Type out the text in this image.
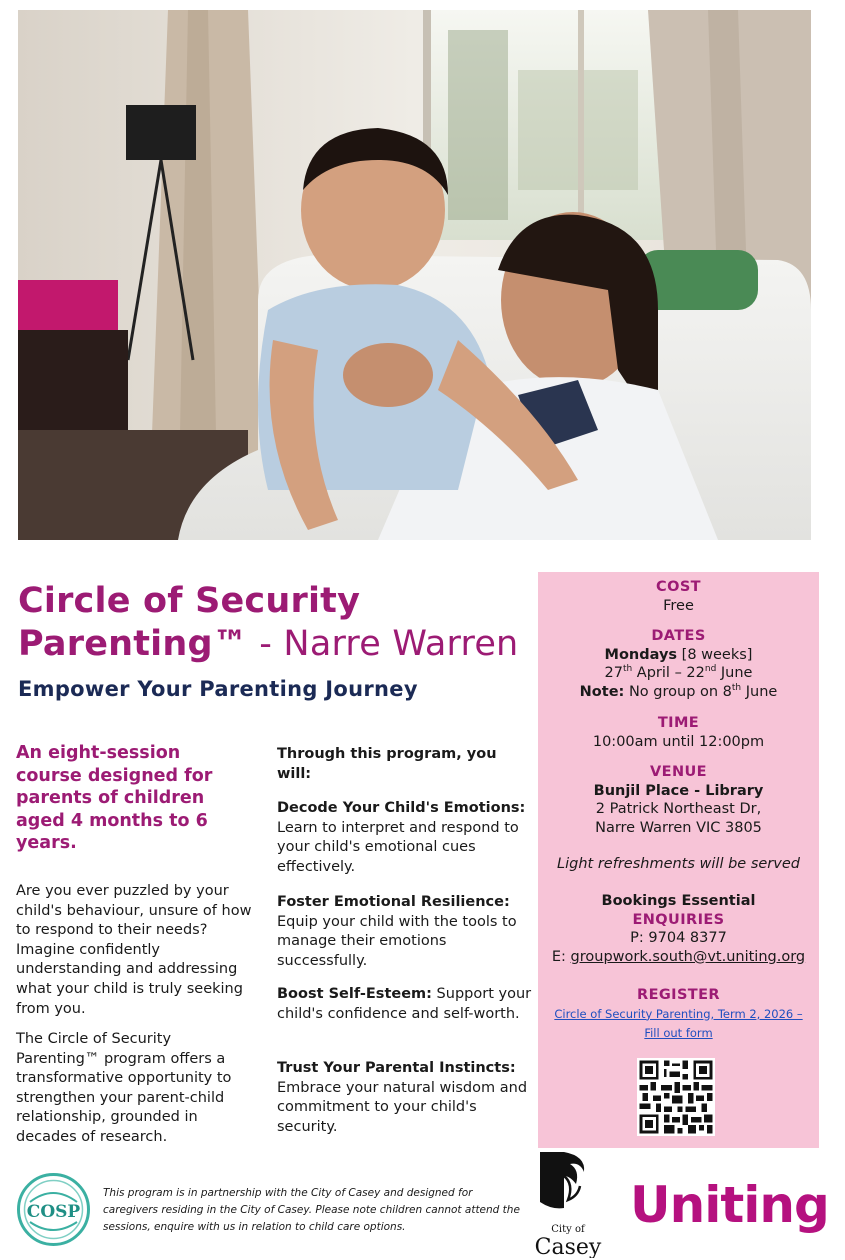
Circle of Security Parenting™ - Narre Warren
Empower Your Parenting Journey
An eight-session course designed for parents of children aged 4 months to 6 years.
Are you ever puzzled by your child's behaviour, unsure of how to respond to their needs? Imagine confidently understanding and addressing what your child is truly seeking from you.
The Circle of Security Parenting™ program offers a transformative opportunity to strengthen your parent-child relationship, grounded in decades of research.
Through this program, you will:
Decode Your Child's Emotions: Learn to interpret and respond to your child's emotional cues effectively.
Foster Emotional Resilience: Equip your child with the tools to manage their emotions successfully.
Boost Self-Esteem: Support your child's confidence and self-worth.
Trust Your Parental Instincts: Embrace your natural wisdom and commitment to your child's security.
COST
Free
DATES
Mondays [8 weeks]
27th April – 22nd June
Note: No group on 8th June
TIME
10:00am until 12:00pm
VENUE
Bunjil Place - Library
2 Patrick Northeast Dr,
Narre Warren VIC 3805
Light refreshments will be served
Bookings Essential
ENQUIRIES
P: 9704 8377
E: groupwork.south@vt.uniting.org
REGISTER
Circle of Security Parenting, Term 2, 2026 – Fill out form
COSP
This program is in partnership with the City of Casey and designed for caregivers residing in the City of Casey. Please note children cannot attend the sessions, enquire with us in relation to child care options.	City of
Casey
Uniting
